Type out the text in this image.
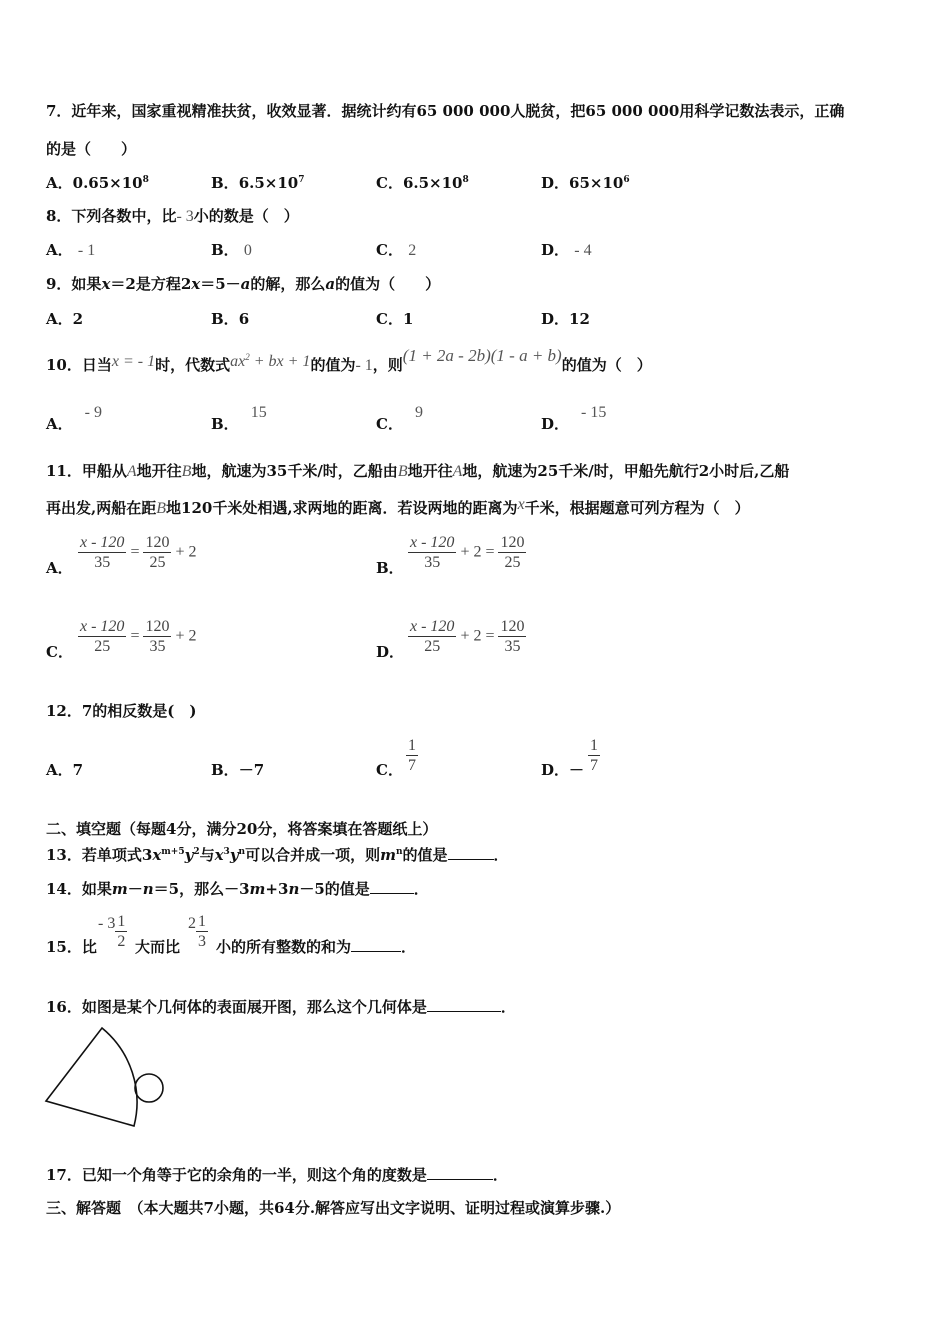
7．近年来，国家重视精准扶贫，收效显著．据统计约有65 000 000人脱贫，把65 000 000用科学记数法表示，正确
的是（　　）
A．$0.65\times 10^8$	B．$6.5\times 10^7$	C．$6.5\times 10^8$	D．$65\times 10^6$
8．下列各数中，比- 3小的数是（　）
A． - 1	B． 0	C． 2	D． - 4
9．如果x＝2是方程2x＝5－a的解，那么a的值为（　　）
A．2	B．6	C．1	D．12
10．日当x = - 1时，代数式$ax^2$ + bx + 1的值为- 1，则(1 + 2a - 2b)(1 - a + b)的值为（　）
A．- 9
B．15
C．9
D．- 15
11．甲船从A地开往B地，航速为35千米/时，乙船由B地开往A地，航速为25千米/时，甲船先航行2小时后,乙船
再出发,两船在距B地120千米处相遇,求两地的距离．若设两地的距离为x千米，根据题意可列方程为（　）
A． $\frac{x - 120}{35} = \frac{120}{25} + 2$
B． $\frac{x - 120}{35} + 2 = \frac{120}{25}$
C． $\frac{x - 120}{25} = \frac{120}{35} + 2$
D． $\frac{x - 120}{25} + 2 = \frac{120}{35}$
12．7的相反数是(　)
A．7	B．－7	C． $\frac{1}{7}$	D．－ $\frac{1}{7}$
二、填空题（每题4分，满分20分，将答案填在答题纸上）
13．若单项式$3x^{m+5}y^2$与$x^3y^n$可以合并成一项，则$m^n$的值是	．
14．如果m－n＝5，那么－3m+3n－5的值是	．
15．比
- $3 \frac{1}{2}$ 大而比
$2 \frac{1}{3}$ 小的所有整数的和为	．
16．如图是某个几何体的表面展开图，那么这个几何体是	．
17．已知一个角等于它的余角的一半，则这个角的度数是	．
三、解答题　（本大题共7小题，共64分.解答应写出文字说明、证明过程或演算步骤.）
